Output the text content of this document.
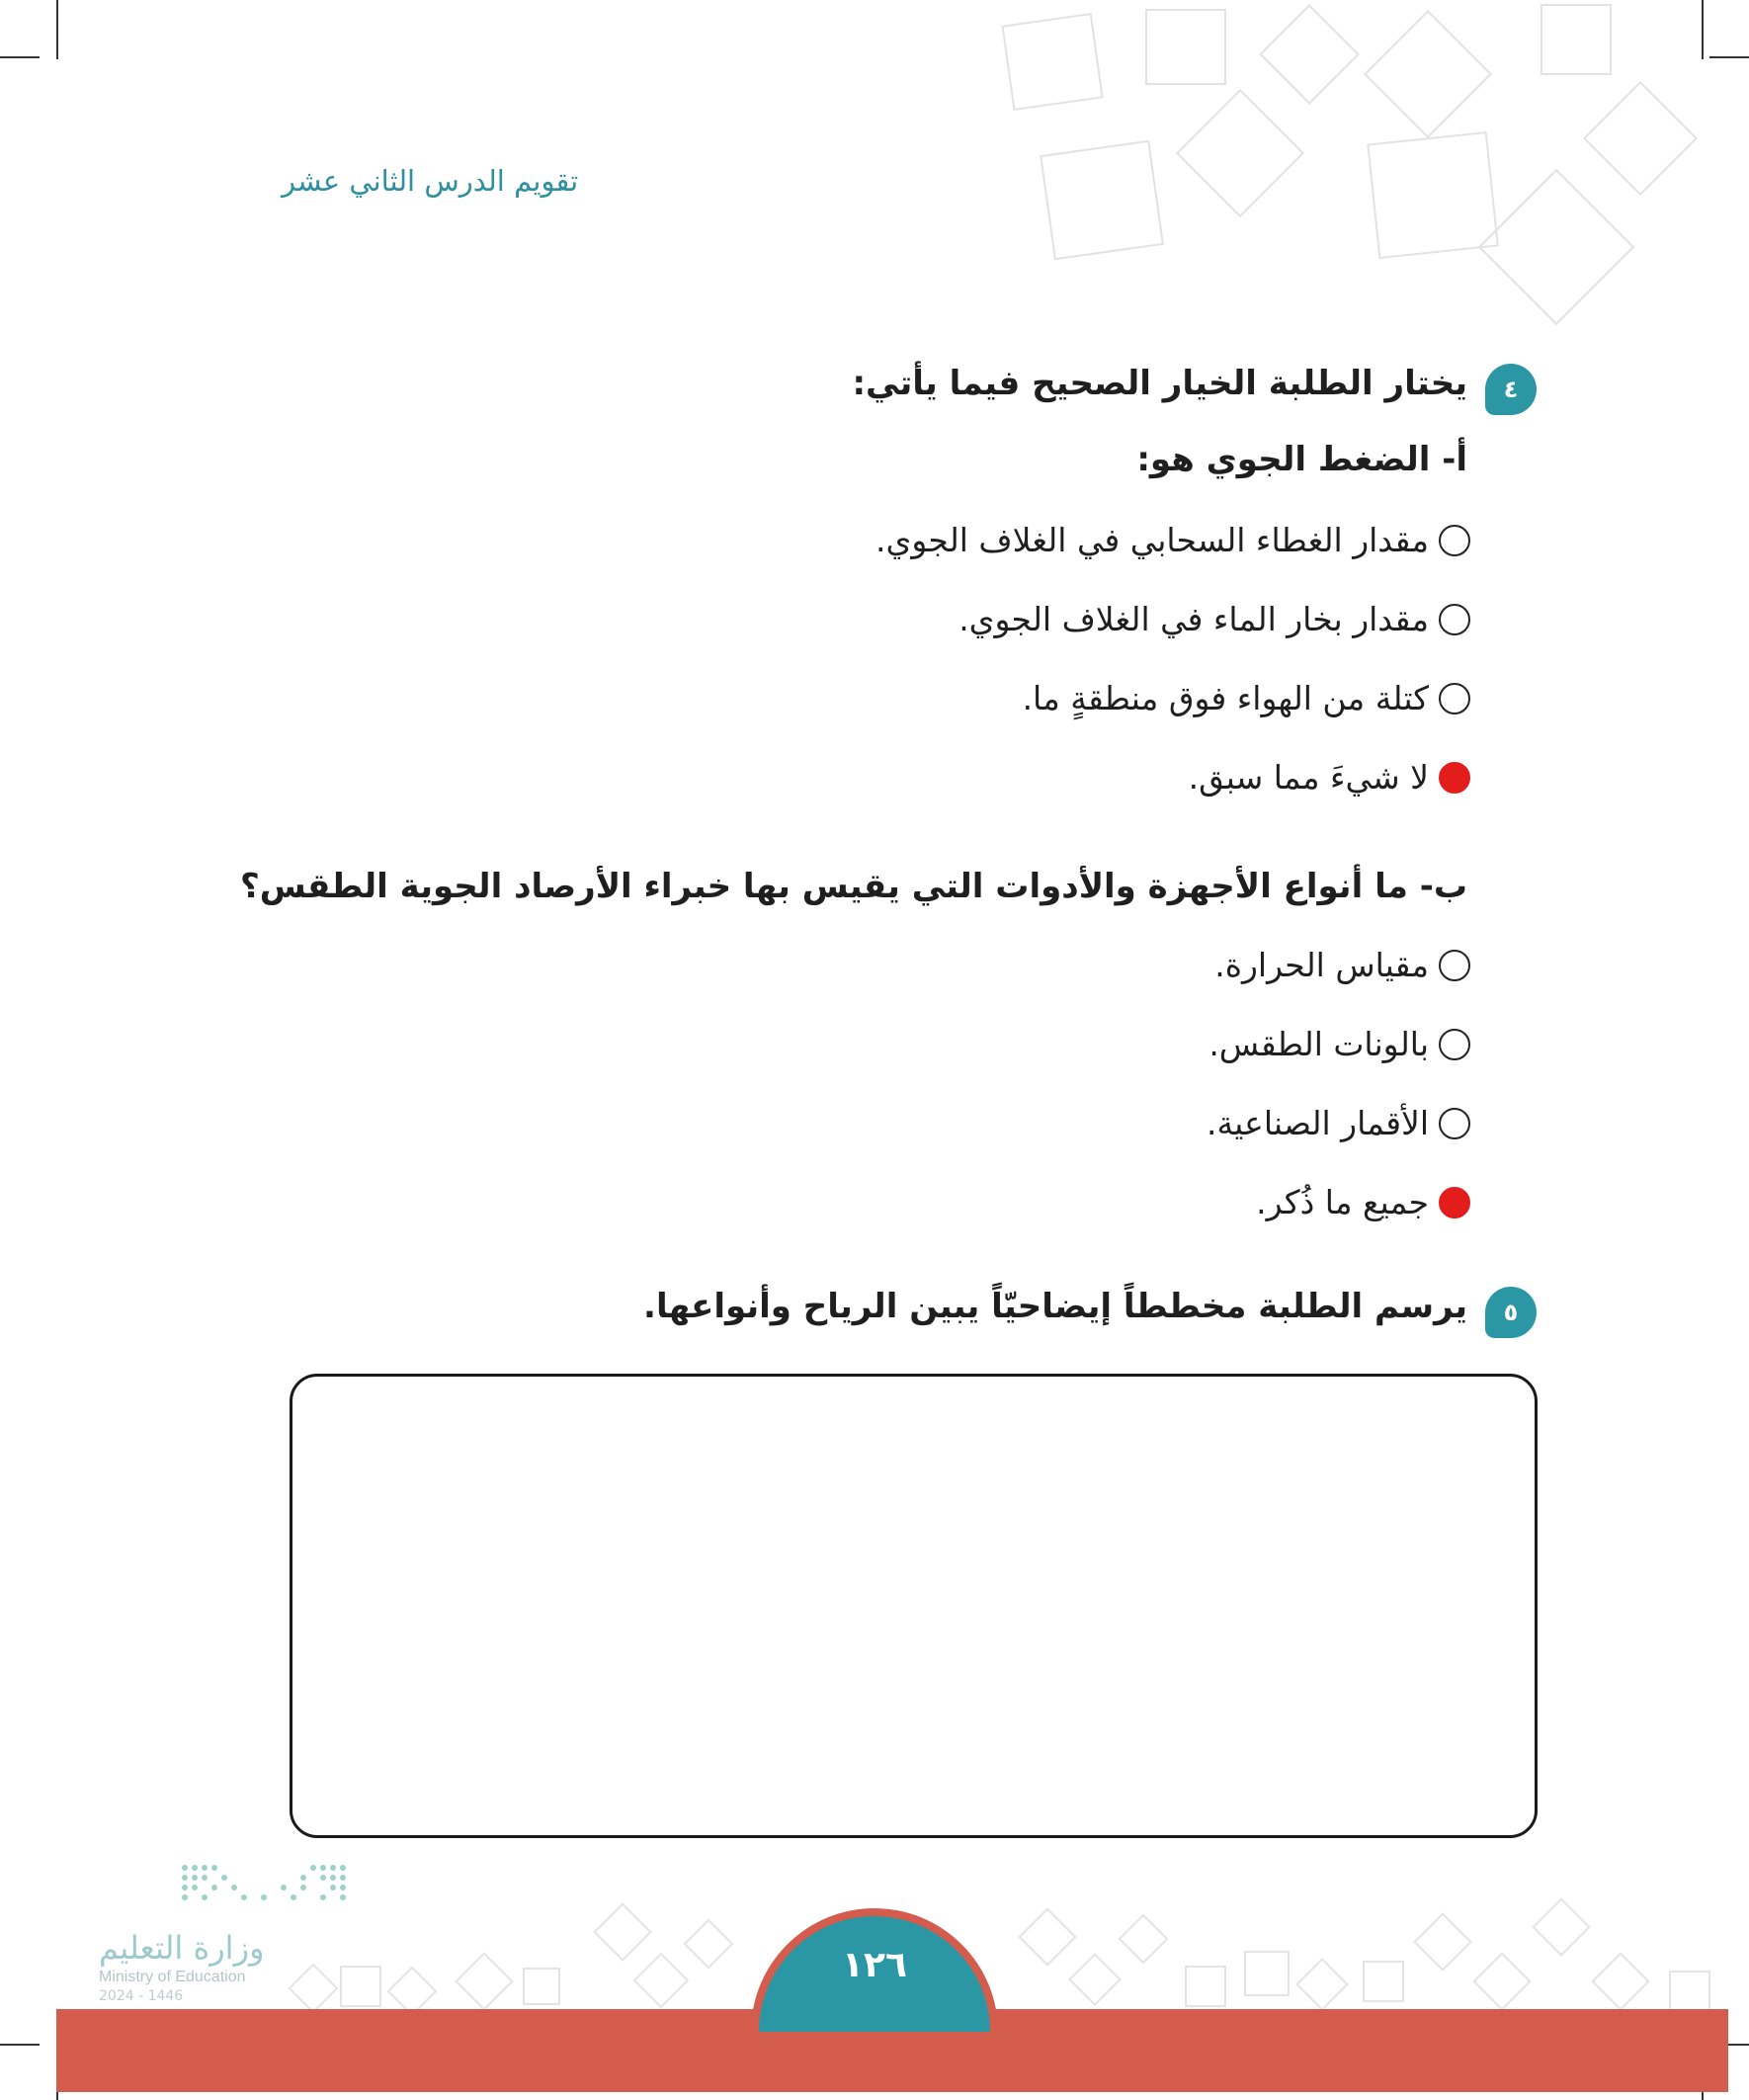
تقويم الدرس الثاني عشر
٤
يختار الطلبة الخيار الصحيح فيما يأتي:
أ- الضغط الجوي هو:
مقدار الغطاء السحابي في الغلاف الجوي.
مقدار بخار الماء في الغلاف الجوي.
كتلة من الهواء فوق منطقةٍ ما.
لا شيءَ مما سبق.
ب- ما أنواع الأجهزة والأدوات التي يقيس بها خبراء الأرصاد الجوية الطقس؟
مقياس الحرارة.
بالونات الطقس.
الأقمار الصناعية.
جميع ما ذُكر.
٥
يرسم الطلبة مخططاً إيضاحيّاً يبين الرياح وأنواعها.
وزارة التعليم
Ministry of Education
2024 - 1446
١٢٦
